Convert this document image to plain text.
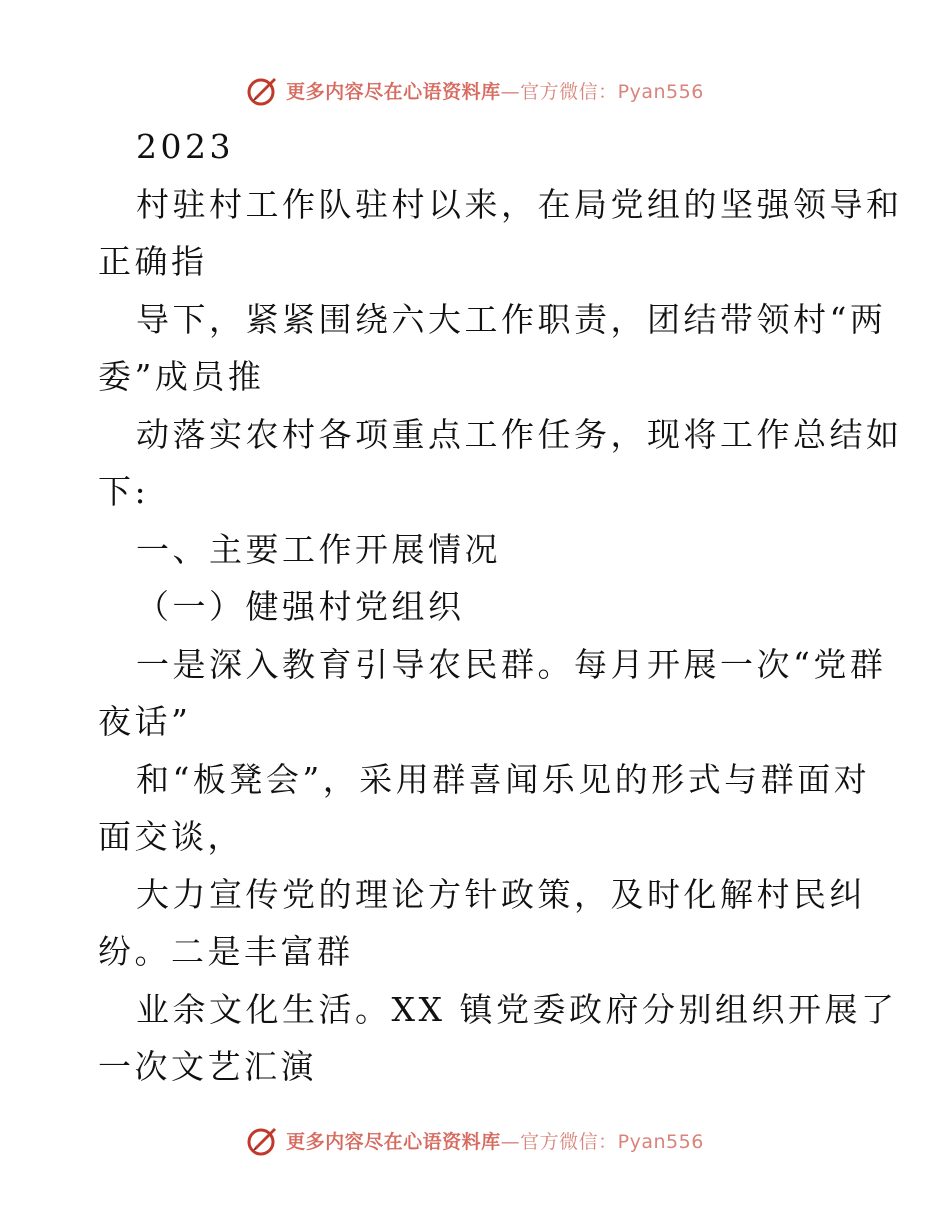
更多内容尽在心语资料库—官方微信：Pyan556
2023
村驻村工作队驻村以来，在局党组的坚强领导和
正确指
导下，紧紧围绕六大工作职责，团结带领村“两
委”成员推
动落实农村各项重点工作任务，现将工作总结如
下:
一、主要工作开展情况
（一）健强村党组织
一是深入教育引导农民群。每月开展一次“党群
夜话”
和“板凳会”，采用群喜闻乐见的形式与群面对
面交谈，
大力宣传党的理论方针政策，及时化解村民纠
纷。二是丰富群
业余文化生活。XX 镇党委政府分别组织开展了
一次文艺汇演
更多内容尽在心语资料库—官方微信：Pyan556
